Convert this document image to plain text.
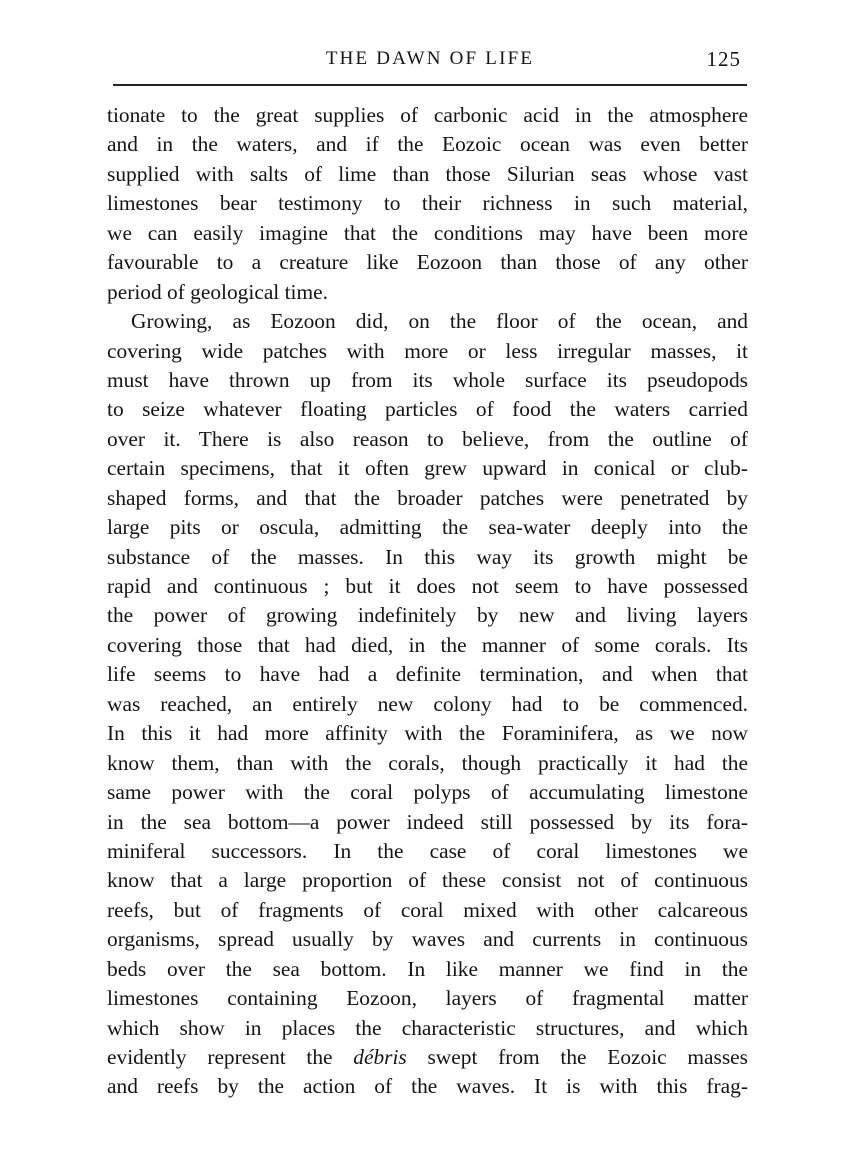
THE DAWN OF LIFE	125
tionate to the great supplies of carbonic acid in the atmosphere
and in the waters, and if the Eozoic ocean was even better
supplied with salts of lime than those Silurian seas whose vast
limestones bear testimony to their richness in such material,
we can easily imagine that the conditions may have been more
favourable to a creature like Eozoon than those of any other
period of geological time.
Growing, as Eozoon did, on the floor of the ocean, and
covering wide patches with more or less irregular masses, it
must have thrown up from its whole surface its pseudopods
to seize whatever floating particles of food the waters carried
over it. There is also reason to believe, from the outline of
certain specimens, that it often grew upward in conical or club-
shaped forms, and that the broader patches were penetrated by
large pits or oscula, admitting the sea-water deeply into the
substance of the masses. In this way its growth might be
rapid and continuous ; but it does not seem to have possessed
the power of growing indefinitely by new and living layers
covering those that had died, in the manner of some corals. Its
life seems to have had a definite termination, and when that
was reached, an entirely new colony had to be commenced.
In this it had more affinity with the Foraminifera, as we now
know them, than with the corals, though practically it had the
same power with the coral polyps of accumulating limestone
in the sea bottom—a power indeed still possessed by its fora-
miniferal successors. In the case of coral limestones we
know that a large proportion of these consist not of continuous
reefs, but of fragments of coral mixed with other calcareous
organisms, spread usually by waves and currents in continuous
beds over the sea bottom. In like manner we find in the
limestones containing Eozoon, layers of fragmental matter
which show in places the characteristic structures, and which
evidently represent the débris swept from the Eozoic masses
and reefs by the action of the waves. It is with this frag-
